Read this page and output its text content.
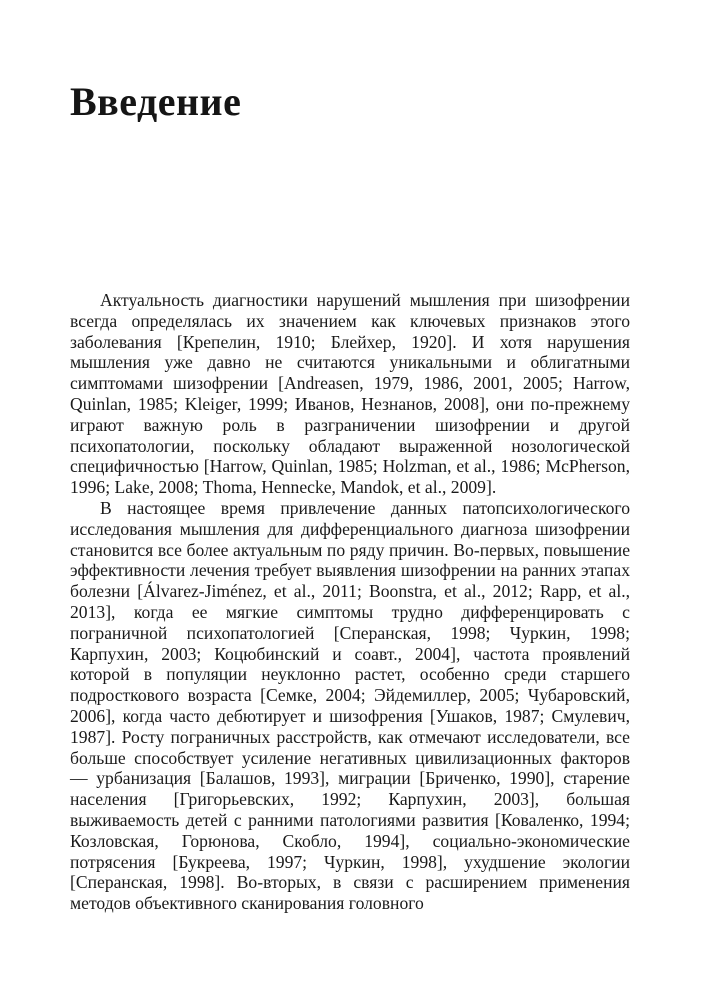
Введение

Актуальность диагностики нарушений мышления при шизофрении всегда определялась их значением как ключевых признаков этого заболевания [Крепелин, 1910; Блейхер, 1920]. И хотя нарушения мышления уже давно не считаются уникальными и облигатными симптомами шизофрении [Andreasen, 1979, 1986, 2001, 2005; Harrow, Quinlan, 1985; Kleiger, 1999; Иванов, Незнанов, 2008], они по-прежнему играют важную роль в разграничении шизофрении и другой психопатологии, поскольку обладают выраженной нозологической специфичностью [Harrow, Quinlan, 1985; Holzman, et al., 1986; McPherson, 1996; Lake, 2008; Thoma, Hennecke, Mandok, et al., 2009].

В настоящее время привлечение данных патопсихологического исследования мышления для дифференциального диагноза шизофрении становится все более актуальным по ряду причин. Во-первых, повышение эффективности лечения требует выявления шизофрении на ранних этапах болезни [Álvarez-Jiménez, et al., 2011; Boonstra, et al., 2012; Rapp, et al., 2013], когда ее мягкие симптомы трудно дифференцировать с пограничной психопатологией [Сперанская, 1998; Чуркин, 1998; Карпухин, 2003; Коцюбинский и соавт., 2004], частота проявлений которой в популяции неуклонно растет, особенно среди старшего подросткового возраста [Семке, 2004; Эйдемиллер, 2005; Чубаровский, 2006], когда часто дебютирует и шизофрения [Ушаков, 1987; Смулевич, 1987]. Росту пограничных расстройств, как отмечают исследователи, все больше способствует усиление негативных цивилизационных факторов — урбанизация [Балашов, 1993], миграции [Бриченко, 1990], старение населения [Григорьевских, 1992; Карпухин, 2003], большая выживаемость детей с ранними патологиями развития [Коваленко, 1994; Козловская, Горюнова, Скобло, 1994], социально-экономические потрясения [Букреева, 1997; Чуркин, 1998], ухудшение экологии [Сперанская, 1998]. Во-вторых, в связи с расширением применения методов объективного сканирования головного
